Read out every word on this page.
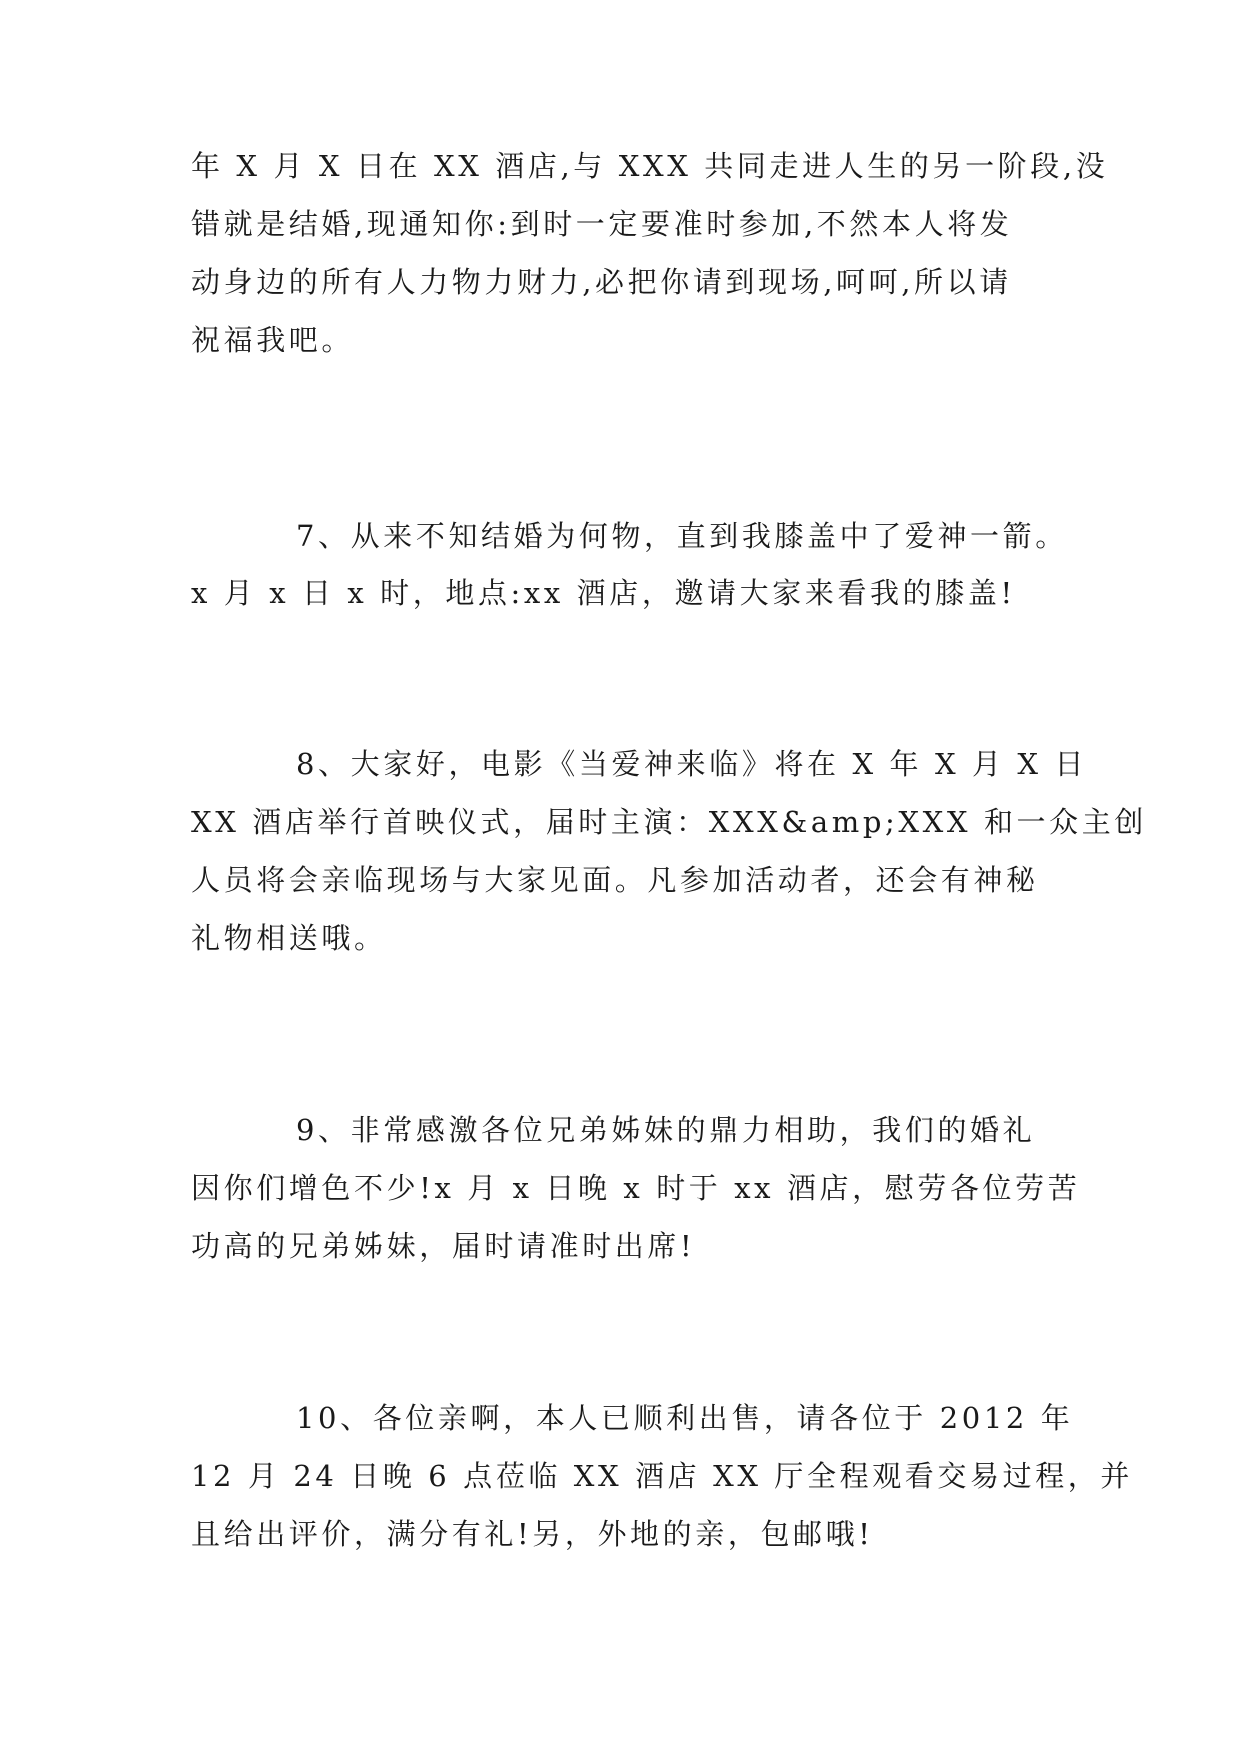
年 X 月 X 日在 XX 酒店,与 XXX 共同走进人生的另一阶段,没

错就是结婚,现通知你:到时一定要准时参加,不然本人将发

动身边的所有人力物力财力,必把你请到现场,呵呵,所以请

祝福我吧。

7、从来不知结婚为何物，直到我膝盖中了爱神一箭。

x 月 x 日 x 时，地点:xx 酒店，邀请大家来看我的膝盖!

8、大家好，电影《当爱神来临》将在 X 年 X 月 X 日

XX 酒店举行首映仪式，届时主演：XXX&amp;XXX 和一众主创

人员将会亲临现场与大家见面。凡参加活动者，还会有神秘

礼物相送哦。

9、非常感激各位兄弟姊妹的鼎力相助，我们的婚礼

因你们增色不少!x 月 x 日晚 x 时于 xx 酒店，慰劳各位劳苦

功高的兄弟姊妹，届时请准时出席!

10、各位亲啊，本人已顺利出售，请各位于 2012 年

12 月 24 日晚 6 点莅临 XX 酒店 XX 厅全程观看交易过程，并

且给出评价，满分有礼!另，外地的亲，包邮哦!
